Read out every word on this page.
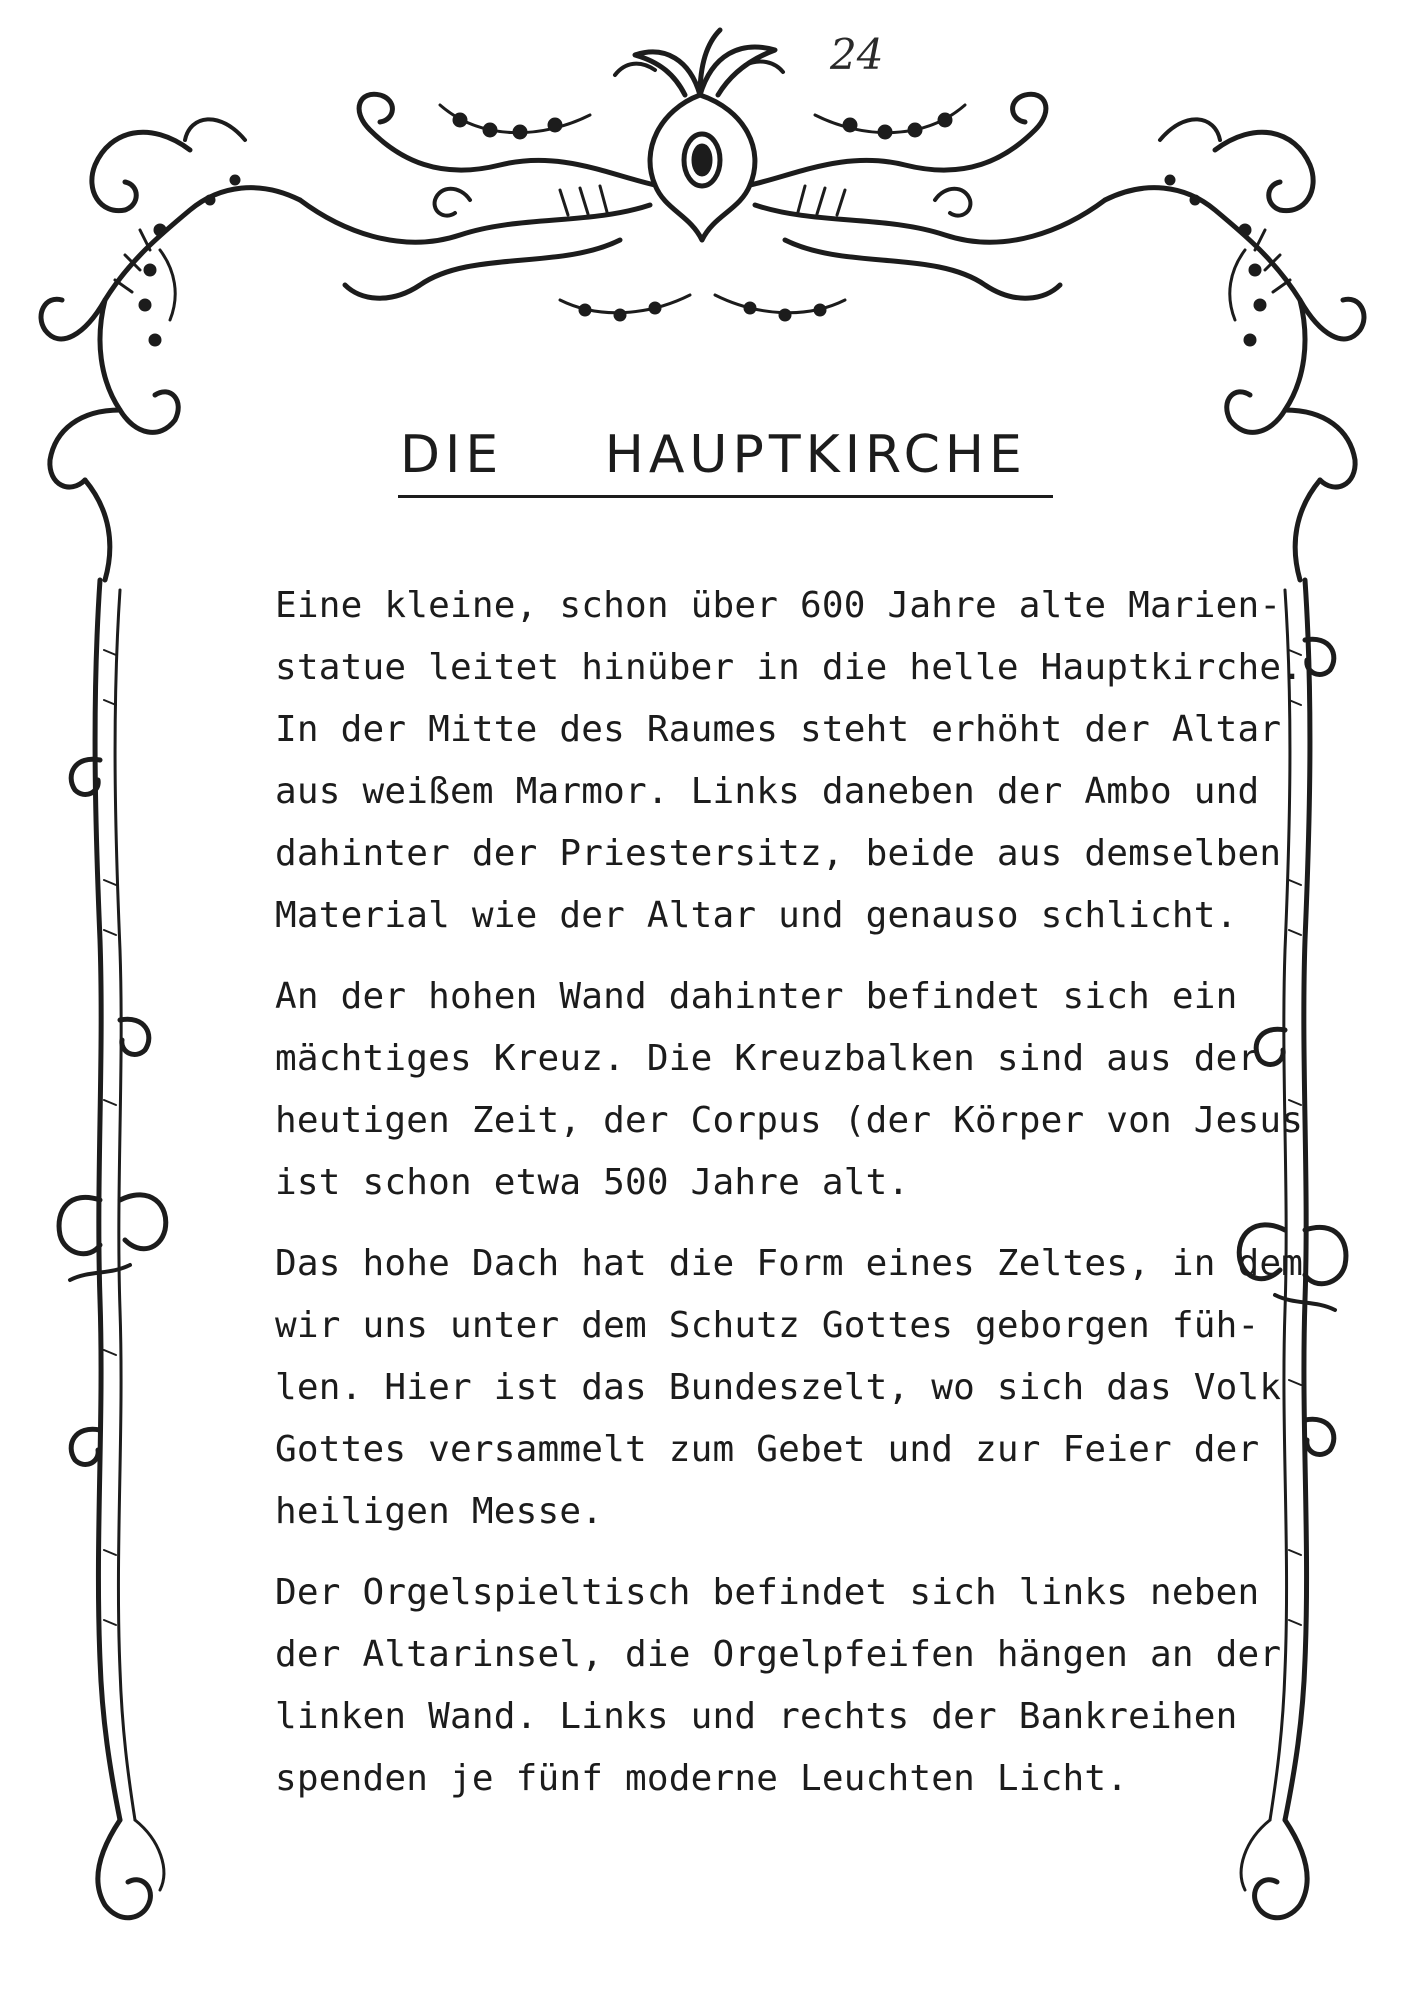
24
DIE HAUPTKIRCHE
Eine kleine, schon über 600 Jahre alte Marien-
statue leitet hinüber in die helle Hauptkirche.
In der Mitte des Raumes steht erhöht der Altar
aus weißem Marmor. Links daneben der Ambo und
dahinter der Priestersitz, beide aus demselben
Material wie der Altar und genauso schlicht.
An der hohen Wand dahinter befindet sich ein
mächtiges Kreuz. Die Kreuzbalken sind aus der
heutigen Zeit, der Corpus (der Körper von Jesus
ist schon etwa 500 Jahre alt.
Das hohe Dach hat die Form eines Zeltes, in dem
wir uns unter dem Schutz Gottes geborgen füh-
len. Hier ist das Bundeszelt, wo sich das Volk
Gottes versammelt zum Gebet und zur Feier der
heiligen Messe.
Der Orgelspieltisch befindet sich links neben
der Altarinsel, die Orgelpfeifen hängen an der
linken Wand. Links und rechts der Bankreihen
spenden je fünf moderne Leuchten Licht.
